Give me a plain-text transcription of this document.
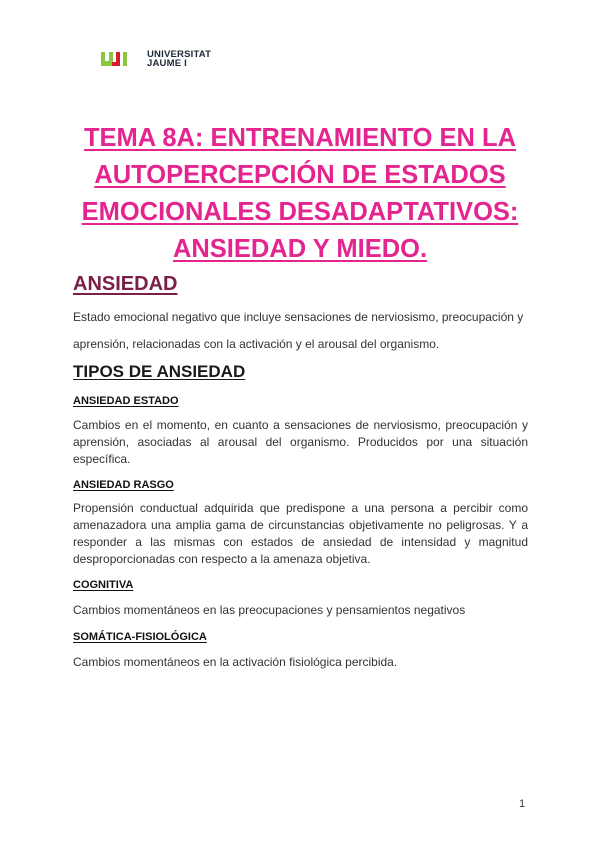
UNIVERSITAT
JAUME I
TEMA 8A: ENTRENAMIENTO EN LA
AUTOPERCEPCIÓN DE ESTADOS
EMOCIONALES DESADAPTATIVOS:
ANSIEDAD Y MIEDO.
ANSIEDAD

Estado emocional negativo que incluye sensaciones de nerviosismo, preocupación y

aprensión, relacionadas con la activación y el arousal del organismo.

TIPOS DE ANSIEDAD
ANSIEDAD ESTADO

Cambios en el momento, en cuanto a sensaciones de nerviosismo, preocupación y aprensión, asociadas al arousal del organismo. Producidos por una situación específica.

ANSIEDAD RASGO

Propensión conductual adquirida que predispone a una persona a percibir como amenazadora una amplia gama de circunstancias objetivamente no peligrosas. Y a responder a las mismas con estados de ansiedad de intensidad y magnitud desproporcionadas con respecto a la amenaza objetiva.

COGNITIVA

Cambios momentáneos en las preocupaciones y pensamientos negativos

SOMÁTICA-FISIOLÓGICA

Cambios momentáneos en la activación fisiológica percibida.

1
